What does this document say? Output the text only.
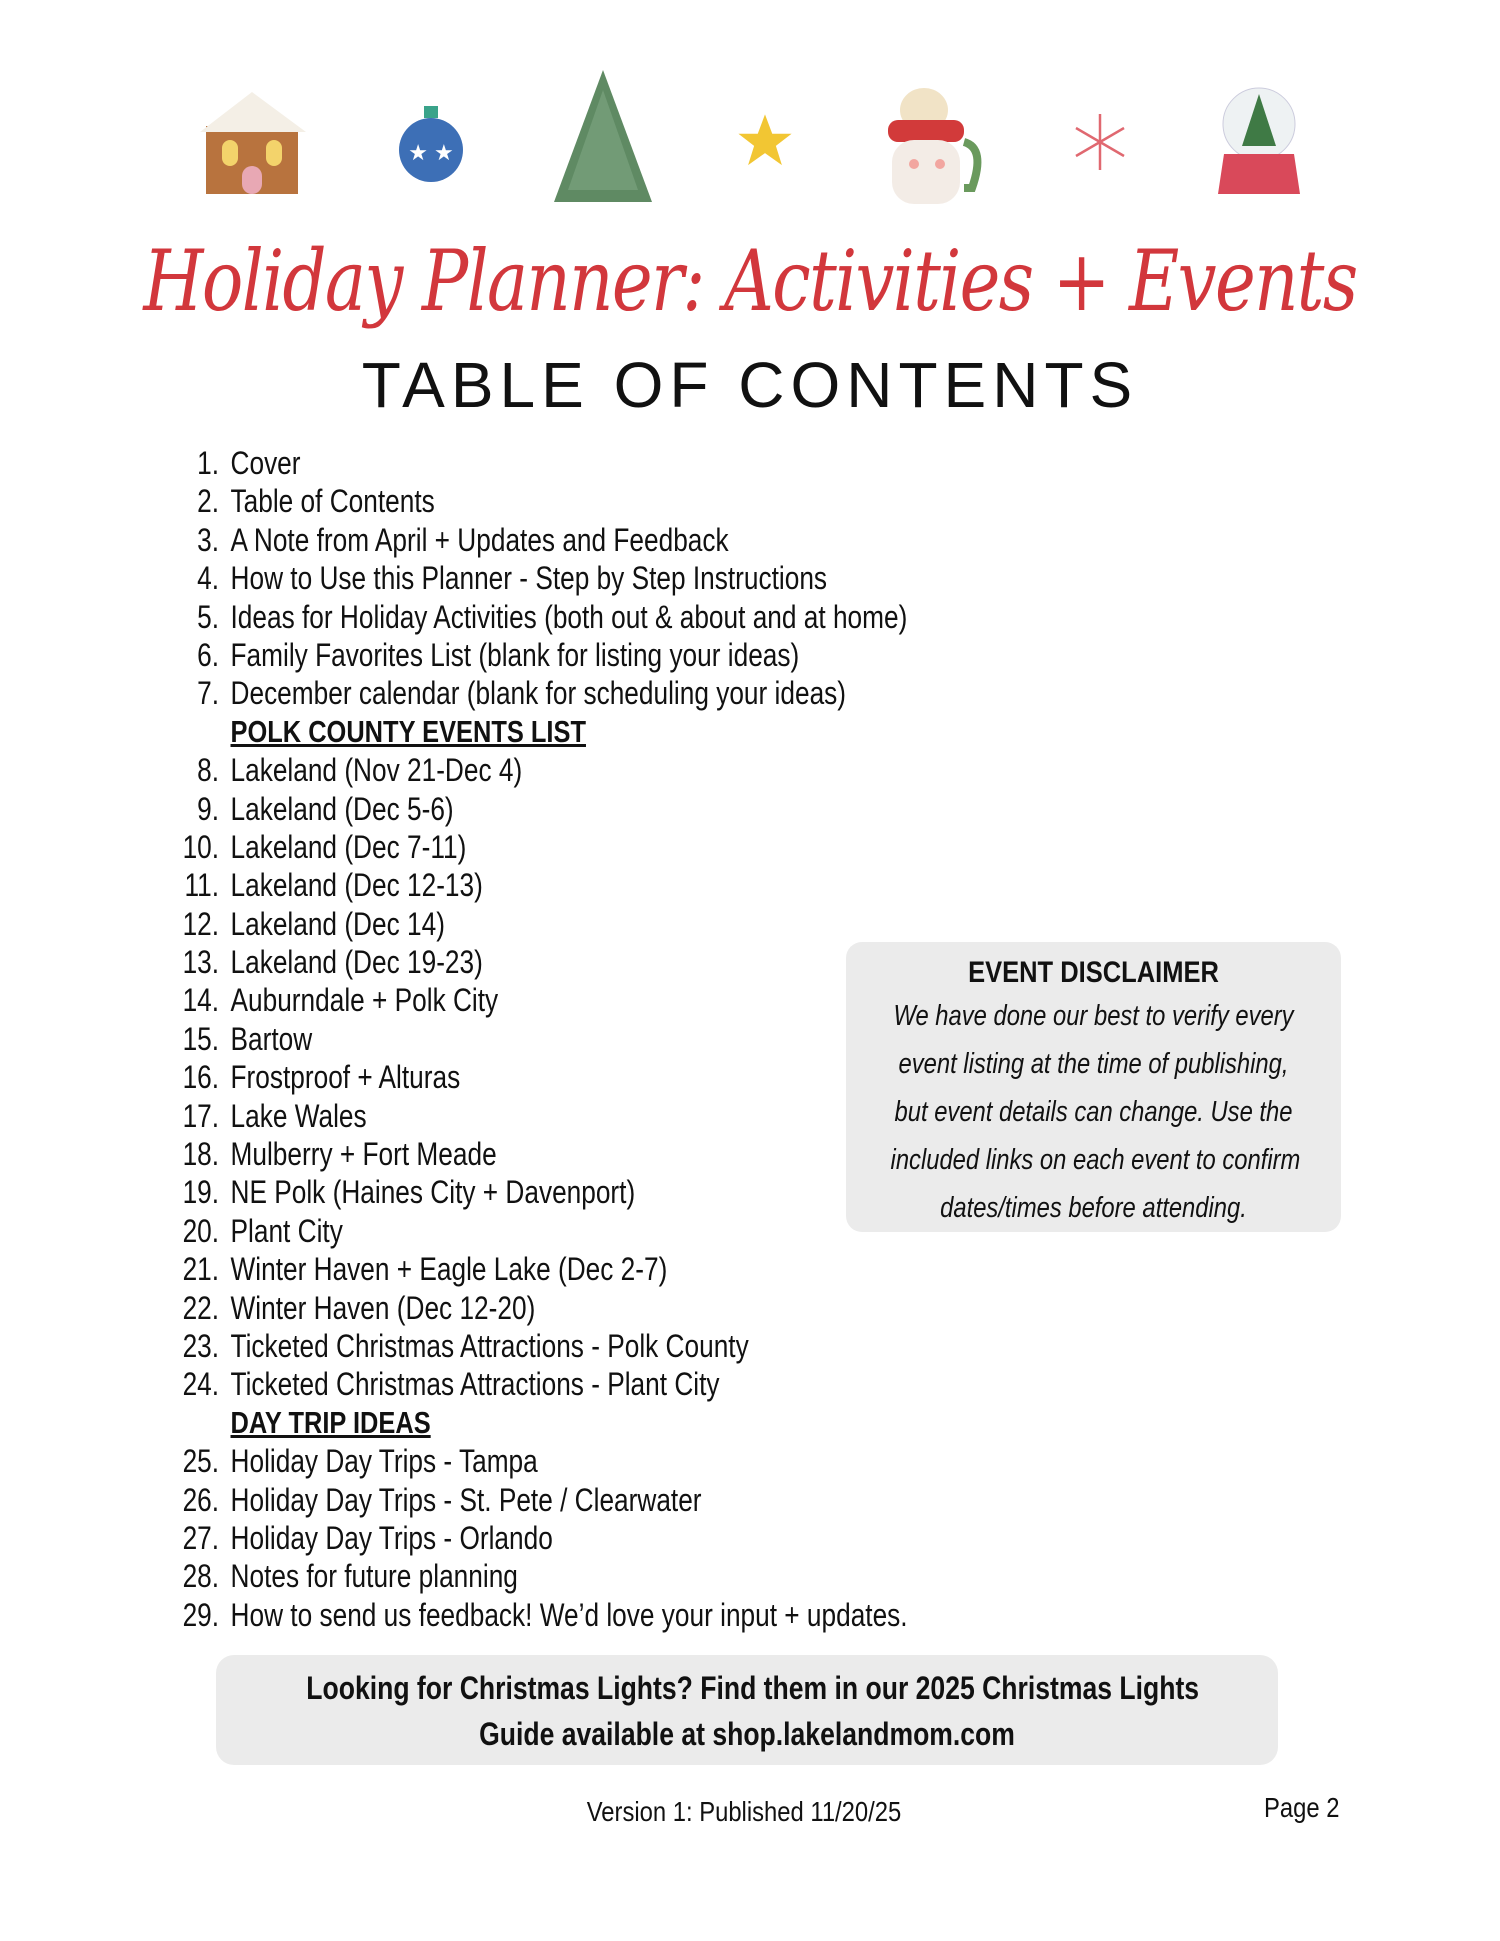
★ ★
Holiday Planner: Activities + Events
TABLE OF CONTENTS
1. Cover
2. Table of Contents
3. A Note from April + Updates and Feedback
4. How to Use this Planner - Step by Step Instructions
5. Ideas for Holiday Activities (both out & about and at home)
6. Family Favorites List (blank for listing your ideas)
7. December calendar (blank for scheduling your ideas)
POLK COUNTY EVENTS LIST
8. Lakeland (Nov 21-Dec 4)
9. Lakeland (Dec 5-6)
10. Lakeland (Dec 7-11)
11. Lakeland (Dec 12-13)
12. Lakeland (Dec 14)
13. Lakeland (Dec 19-23)
14. Auburndale + Polk City
15. Bartow
16. Frostproof + Alturas
17. Lake Wales
18. Mulberry + Fort Meade
19. NE Polk (Haines City + Davenport)
20. Plant City
21. Winter Haven + Eagle Lake (Dec 2-7)
22. Winter Haven (Dec 12-20)
23. Ticketed Christmas Attractions - Polk County
24. Ticketed Christmas Attractions - Plant City
DAY TRIP IDEAS
25. Holiday Day Trips - Tampa
26. Holiday Day Trips - St. Pete / Clearwater
27. Holiday Day Trips - Orlando
28. Notes for future planning
29. How to send us feedback! We’d love your input + updates.
EVENT DISCLAIMER
We have done our best to verify every
event listing at the time of publishing,
but event details can change. Use the
included links on each event to confirm
dates/times before attending.
Looking for Christmas Lights? Find them in our 2025 Christmas Lights
Guide available at shop.lakelandmom.com
Version 1: Published 11/20/25	Page 2
